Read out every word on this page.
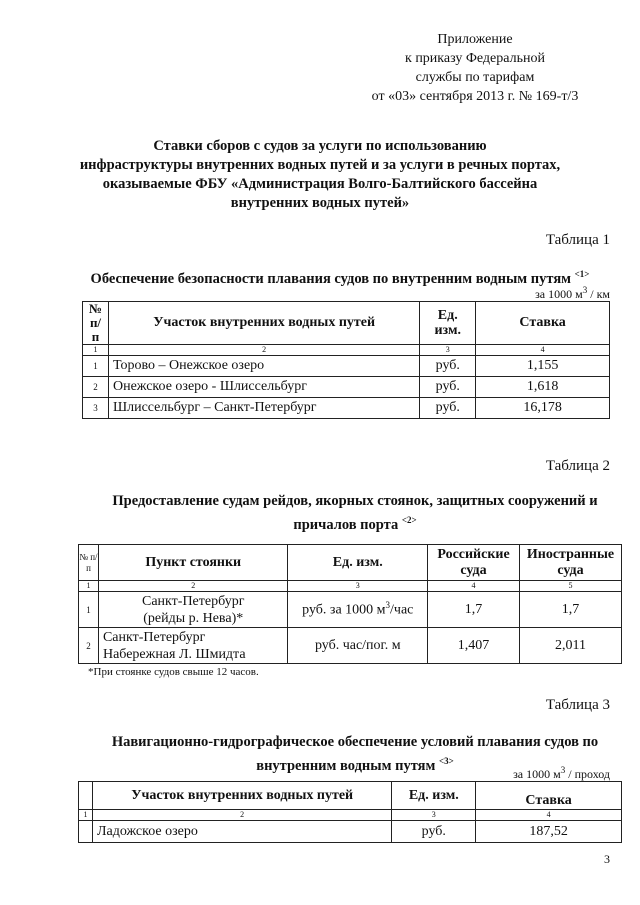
Приложение
к приказу Федеральной
службы по тарифам
от «03» сентября 2013 г. № 169-т/3
Ставки сборов с судов за услуги по использованию
инфраструктуры внутренних водных путей и за услуги в речных портах,
оказываемые ФБУ «Администрация Волго-Балтийского бассейна
внутренних водных путей»
Таблица 1
Обеспечение безопасности плавания судов по внутренним водным путям $^{<1>}$
за 1000 $м^3$ / км
№ п/п	Участок внутренних водных путей	Ед. изм.	Ставка
1	2	3	4
1	Торово – Онежское озеро	руб.	1,155
2	Онежское озеро - Шлиссельбург	руб.	1,618
3	Шлиссельбург – Санкт-Петербург	руб.	16,178
Таблица 2
Предоставление судам рейдов, якорных стоянок, защитных сооружений и
причалов порта $^{<2>}$
№ п/п	Пункт стоянки	Ед. изм.	Российские суда	Иностранные суда
1	2	3	4	5
1	Санкт-Петербург
(рейды р. Нева)*	руб. за 1000 $м^3$/час	1,7	1,7
2	Санкт-Петербург
Набережная Л. Шмидта	руб. час/пог. м	1,407	2,011
*При стоянке судов свыше 12 часов.
Таблица 3
Навигационно-гидрографическое обеспечение условий плавания судов по
внутренним водным путям $^{<3>}$
за 1000 $м^3$ / проход
	Участок внутренних водных путей	Ед. изм.	Ставка
1	2	3	4
	Ладожское озеро	руб.	187,52
3
